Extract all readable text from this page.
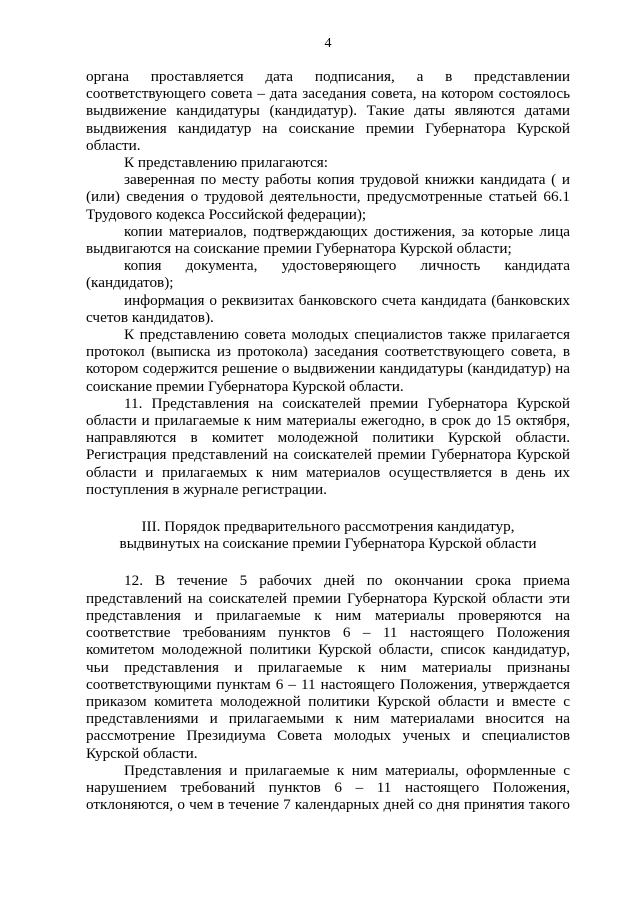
4

органа проставляется дата подписания, а в представлении соответствующего совета – дата заседания совета, на котором состоялось выдвижение кандидатуры (кандидатур). Такие даты являются датами выдвижения кандидатур на соискание премии Губернатора Курской области.

К представлению прилагаются:

заверенная по месту работы копия трудовой книжки кандидата ( и (или) сведения о трудовой деятельности, предусмотренные статьей 66.1 Трудового кодекса Российской федерации);

копии материалов, подтверждающих достижения, за которые лица выдвигаются на соискание премии Губернатора Курской области;

копия документа, удостоверяющего личность кандидата (кандидатов);

информация о реквизитах банковского счета кандидата (банковских счетов кандидатов).

К представлению совета молодых специалистов также прилагается протокол (выписка из протокола) заседания соответствующего совета, в котором содержится решение о выдвижении кандидатуры (кандидатур) на соискание премии Губернатора Курской области.

11. Представления на соискателей премии Губернатора Курской области и прилагаемые к ним материалы ежегодно, в срок до 15 октября, направляются в комитет молодежной политики Курской области. Регистрация представлений на соискателей премии Губернатора Курской области и прилагаемых к ним материалов осуществляется в день их поступления в журнале регистрации.

III. Порядок предварительного рассмотрения кандидатур,

выдвинутых на соискание премии Губернатора Курской области

12. В течение 5 рабочих дней по окончании срока приема представлений на соискателей премии Губернатора Курской области эти представления и прилагаемые к ним материалы проверяются на соответствие требованиям пунктов 6 – 11 настоящего Положения комитетом молодежной политики Курской области, список кандидатур, чьи представления и прилагаемые к ним материалы признаны соответствующими пунктам 6 – 11 настоящего Положения, утверждается приказом комитета молодежной политики Курской области и вместе с представлениями и прилагаемыми к ним материалами вносится на рассмотрение Президиума Совета молодых ученых и специалистов Курской области.

Представления и прилагаемые к ним материалы, оформленные с нарушением требований пунктов 6 – 11 настоящего Положения, отклоняются, о чем в течение 7 календарных дней со дня принятия такого
